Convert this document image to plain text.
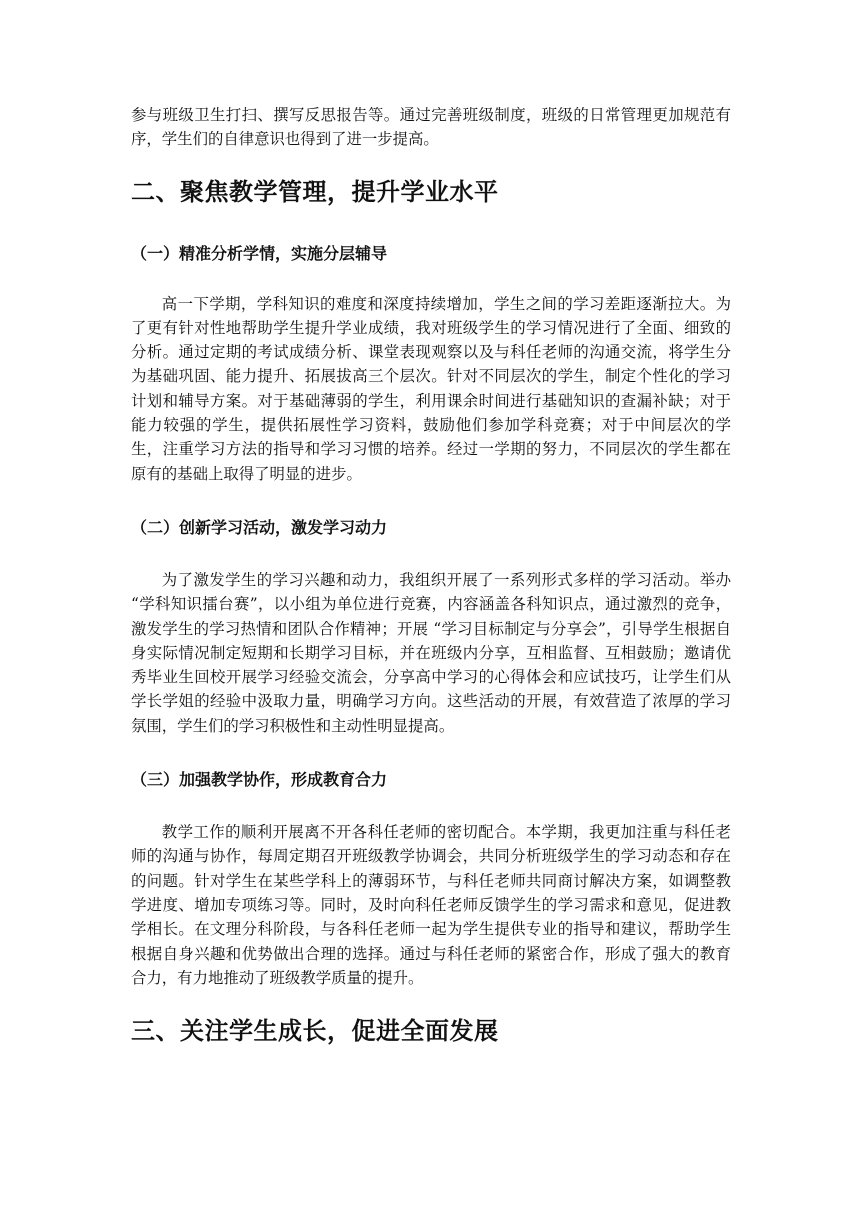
参与班级卫生打扫、撰写反思报告等。通过完善班级制度，班级的日常管理更加规范有序，学生们的自律意识也得到了进一步提高。

二、聚焦教学管理，提升学业水平
（一）精准分析学情，实施分层辅导

高一下学期，学科知识的难度和深度持续增加，学生之间的学习差距逐渐拉大。为了更有针对性地帮助学生提升学业成绩，我对班级学生的学习情况进行了全面、细致的分析。通过定期的考试成绩分析、课堂表现观察以及与科任老师的沟通交流，将学生分为基础巩固、能力提升、拓展拔高三个层次。针对不同层次的学生，制定个性化的学习计划和辅导方案。对于基础薄弱的学生，利用课余时间进行基础知识的查漏补缺；对于能力较强的学生，提供拓展性学习资料，鼓励他们参加学科竞赛；对于中间层次的学生，注重学习方法的指导和学习习惯的培养。经过一学期的努力，不同层次的学生都在原有的基础上取得了明显的进步。

（二）创新学习活动，激发学习动力

为了激发学生的学习兴趣和动力，我组织开展了一系列形式多样的学习活动。举办 “学科知识擂台赛”，以小组为单位进行竞赛，内容涵盖各科知识点，通过激烈的竞争，激发学生的学习热情和团队合作精神；开展 “学习目标制定与分享会”，引导学生根据自身实际情况制定短期和长期学习目标，并在班级内分享，互相监督、互相鼓励；邀请优秀毕业生回校开展学习经验交流会，分享高中学习的心得体会和应试技巧，让学生们从学长学姐的经验中汲取力量，明确学习方向。这些活动的开展，有效营造了浓厚的学习氛围，学生们的学习积极性和主动性明显提高。

（三）加强教学协作，形成教育合力

教学工作的顺利开展离不开各科任老师的密切配合。本学期，我更加注重与科任老师的沟通与协作，每周定期召开班级教学协调会，共同分析班级学生的学习动态和存在的问题。针对学生在某些学科上的薄弱环节，与科任老师共同商讨解决方案，如调整教学进度、增加专项练习等。同时，及时向科任老师反馈学生的学习需求和意见，促进教学相长。在文理分科阶段，与各科任老师一起为学生提供专业的指导和建议，帮助学生根据自身兴趣和优势做出合理的选择。通过与科任老师的紧密合作，形成了强大的教育合力，有力地推动了班级教学质量的提升。

三、关注学生成长，促进全面发展
